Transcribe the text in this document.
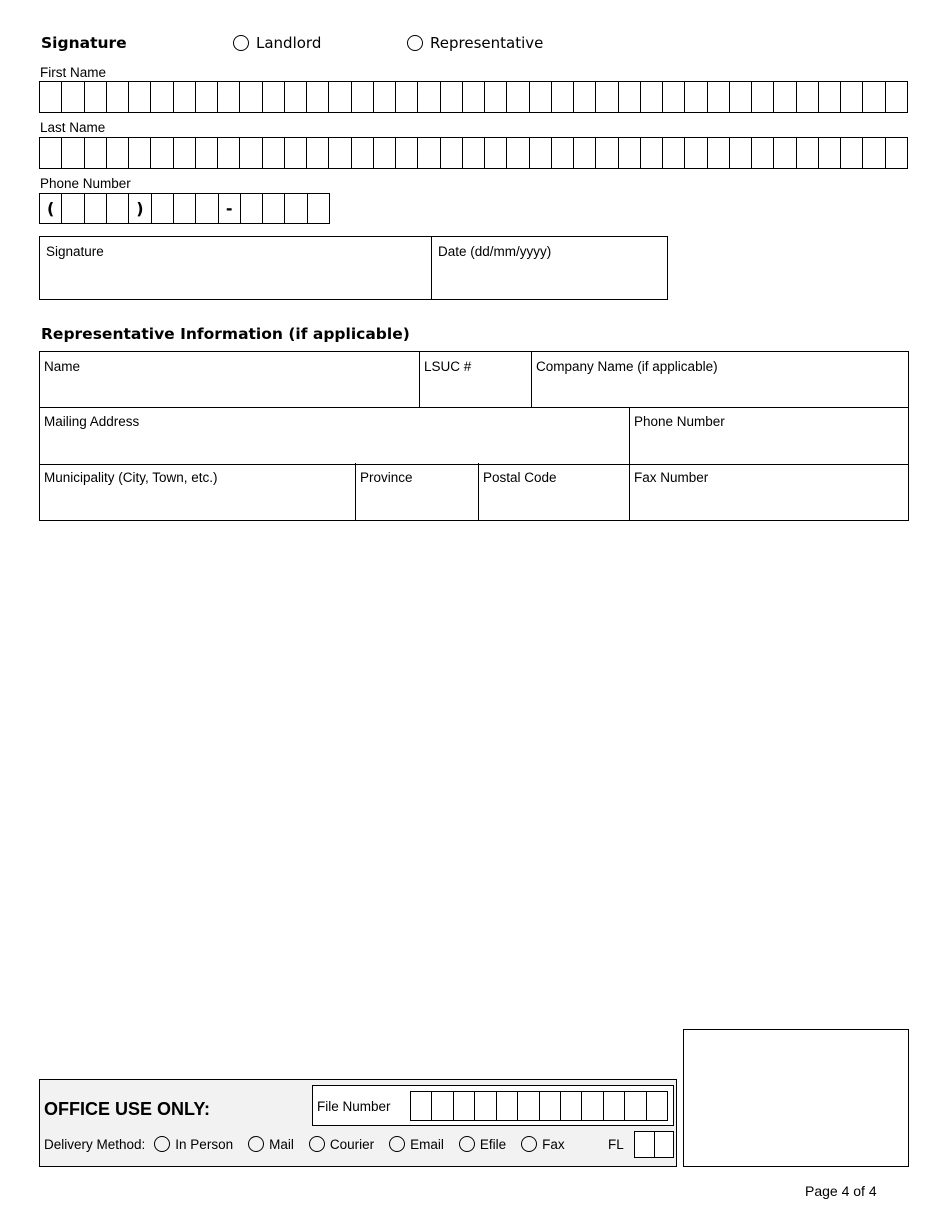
Signature	Landlord	Representative
First Name
Last Name
Phone Number
(	)	-
Signature	Date (dd/mm/yyyy)
Representative Information (if applicable)
Name	LSUC #	Company Name (if applicable)
Mailing Address	Phone Number
Municipality (City, Town, etc.)	Province	Postal Code	Fax Number
OFFICE USE ONLY:	File Number
Delivery Method: In Person	Mail	Courier	Email	Efile	Fax	FL
Page 4 of 4
